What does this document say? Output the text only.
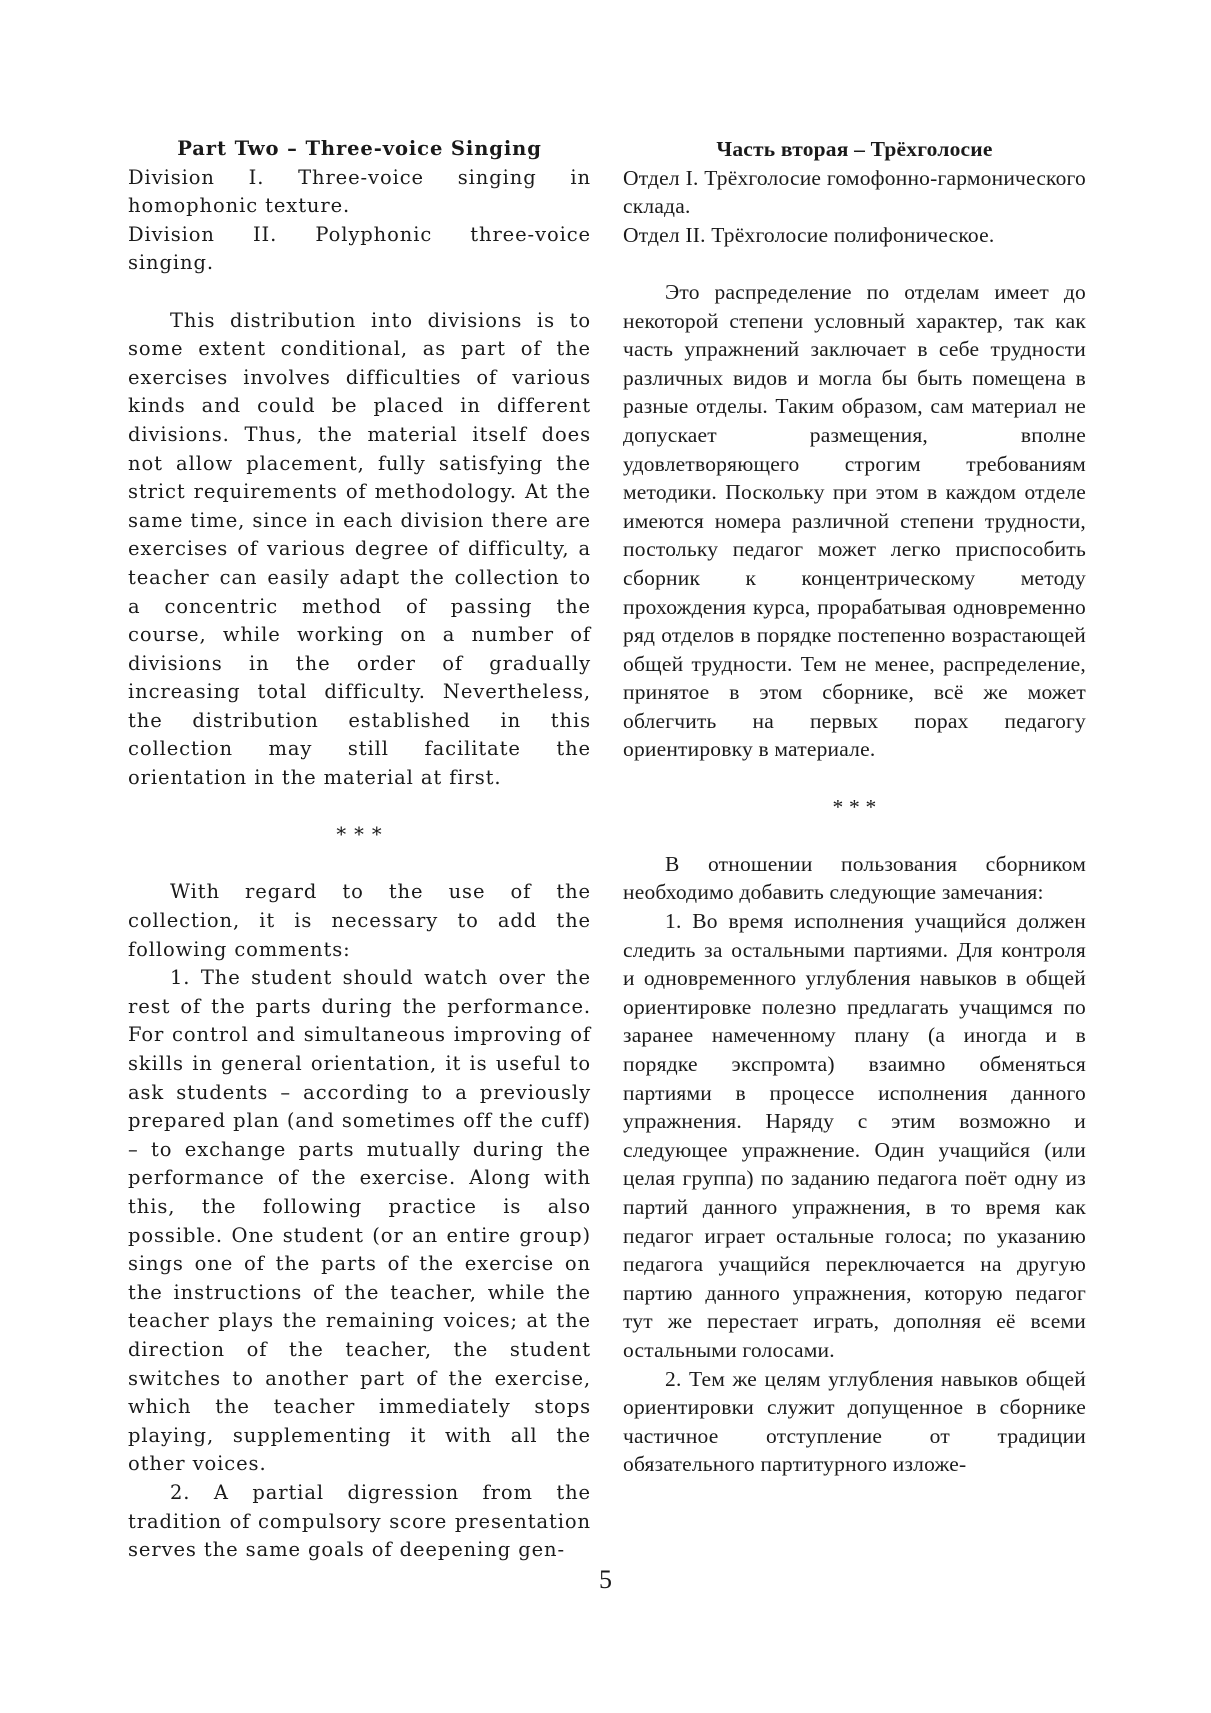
Part Two – Three-voice Singing

Division I. Three-voice singing in homophonic texture.

Division II. Polyphonic three-voice singing.

This distribution into divisions is to some extent conditional, as part of the exercises involves difficulties of various kinds and could be placed in different divisions. Thus, the material itself does not allow placement, fully satisfying the strict requirements of methodology. At the same time, since in each division there are exercises of various degree of difficulty, a teacher can easily adapt the collection to a concentric method of passing the course, while working on a number of divisions in the order of gradually increasing total difficulty. Nevertheless, the distribution established in this collection may still facilitate the orientation in the material at first.

* * *

With regard to the use of the collection, it is necessary to add the following comments:

1. The student should watch over the rest of the parts during the performance. For control and simultaneous improving of skills in general orientation, it is useful to ask students – according to a previously prepared plan (and sometimes off the cuff) – to exchange parts mutually during the performance of the exercise. Along with this, the following practice is also possible. One student (or an entire group) sings one of the parts of the exercise on the instructions of the teacher, while the teacher plays the remaining voices; at the direction of the teacher, the student switches to another part of the exercise, which the teacher immediately stops playing, supplementing it with all the other voices.

2. A partial digression from the tradition of compulsory score presentation serves the same goals of deepening gen-

Часть вторая – Трёхголосие

Отдел I. Трёхголосие гомофонно-гармонического склада.

Отдел II. Трёхголосие полифоническое.

Это распределение по отделам имеет до некоторой степени условный характер, так как часть упражнений заключает в себе трудности различных видов и могла бы быть помещена в разные отделы. Таким образом, сам материал не допускает размещения, вполне удовлетворяющего строгим требованиям методики. Поскольку при этом в каждом отделе имеются номера различной степени трудности, постольку педагог может легко приспособить сборник к концентрическому методу прохождения курса, прорабатывая одновременно ряд отделов в порядке постепенно возрастающей общей трудности. Тем не менее, распределение, принятое в этом сборнике, всё же может облегчить на первых порах педагогу ориентировку в материале.

* * *

В отношении пользования сборником необходимо добавить следующие замечания:

1. Во время исполнения учащийся должен следить за остальными партиями. Для контроля и одновременного углубления навыков в общей ориентировке полезно предлагать учащимся по заранее намеченному плану (а иногда и в порядке экспромта) взаимно обменяться партиями в процессе исполнения данного упражнения. Наряду с этим возможно и следующее упражнение. Один учащийся (или целая группа) по заданию педагога поёт одну из партий данного упражнения, в то время как педагог играет остальные голоса; по указанию педагога учащийся переключается на другую партию данного упражнения, которую педагог тут же перестает играть, дополняя её всеми остальными голосами.

2. Тем же целям углубления навыков общей ориентировки служит допущенное в сборнике частичное отступление от традиции обязательного партитурного изложе-

5
